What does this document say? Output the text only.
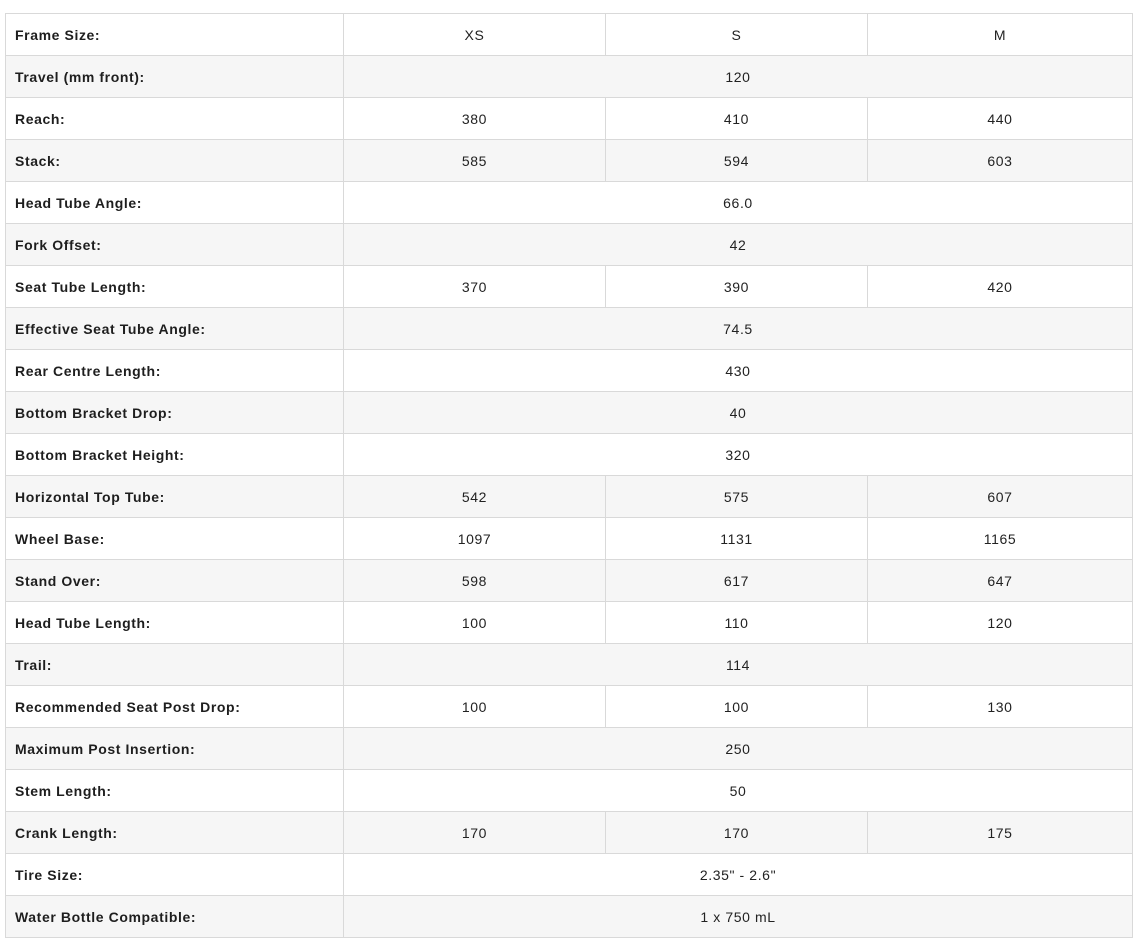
Frame Size:	XS	S	M
Travel (mm front):	120		
Reach:	380	410	440
Stack:	585	594	603
Head Tube Angle:	66.0		
Fork Offset:	42		
Seat Tube Length:	370	390	420
Effective Seat Tube Angle:	74.5		
Rear Centre Length:	430		
Bottom Bracket Drop:	40		
Bottom Bracket Height:	320		
Horizontal Top Tube:	542	575	607
Wheel Base:	1097	1131	1165
Stand Over:	598	617	647
Head Tube Length:	100	110	120
Trail:	114		
Recommended Seat Post Drop:	100	100	130
Maximum Post Insertion:	250		
Stem Length:	50		
Crank Length:	170	170	175
Tire Size:	2.35" - 2.6"		
Water Bottle Compatible:	1 x 750 mL		
